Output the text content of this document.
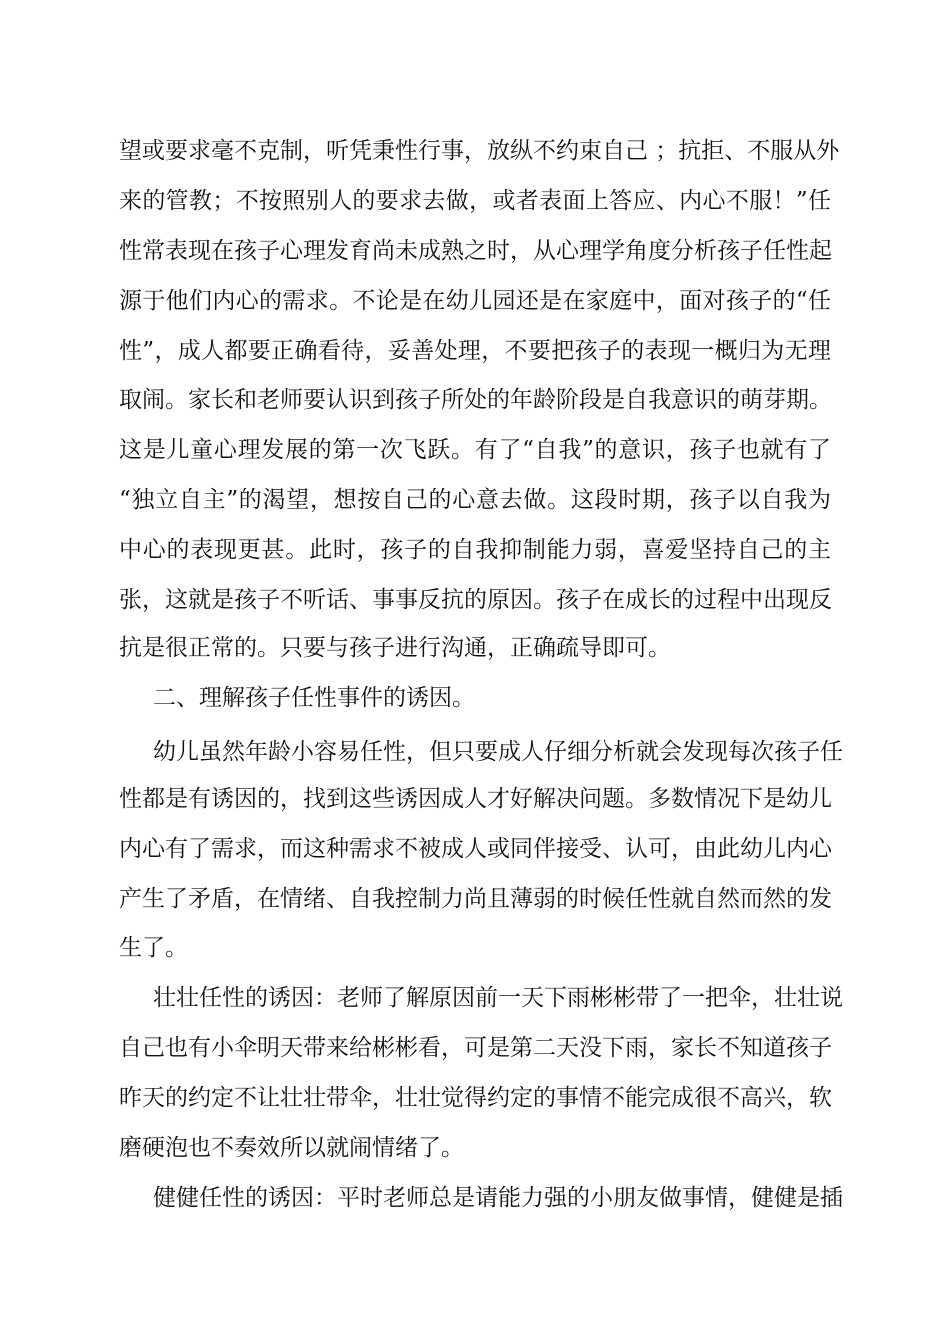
望或要求毫不克制，听凭秉性行事，放纵不约束自己 ；抗拒、不服从外
来的管教；不按照别人的要求去做，或者表面上答应、内心不服！”任
性常表现在孩子心理发育尚未成熟之时，从心理学角度分析孩子任性起
源于他们内心的需求。不论是在幼儿园还是在家庭中，面对孩子的“任
性”，成人都要正确看待，妥善处理，不要把孩子的表现一概归为无理
取闹。家长和老师要认识到孩子所处的年龄阶段是自我意识的萌芽期。
这是儿童心理发展的第一次飞跃。有了“自我”的意识，孩子也就有了
“独立自主”的渴望，想按自己的心意去做。这段时期，孩子以自我为
中心的表现更甚。此时，孩子的自我抑制能力弱，喜爱坚持自己的主
张，这就是孩子不听话、事事反抗的原因。孩子在成长的过程中出现反
抗是很正常的。只要与孩子进行沟通，正确疏导即可。
二、理解孩子任性事件的诱因。
幼儿虽然年龄小容易任性，但只要成人仔细分析就会发现每次孩子任
性都是有诱因的，找到这些诱因成人才好解决问题。多数情况下是幼儿
内心有了需求，而这种需求不被成人或同伴接受、认可，由此幼儿内心
产生了矛盾，在情绪、自我控制力尚且薄弱的时候任性就自然而然的发
生了。
壮壮任性的诱因：老师了解原因前一天下雨彬彬带了一把伞，壮壮说
自己也有小伞明天带来给彬彬看，可是第二天没下雨，家长不知道孩子
昨天的约定不让壮壮带伞，壮壮觉得约定的事情不能完成很不高兴，软
磨硬泡也不奏效所以就闹情绪了。
健健任性的诱因：平时老师总是请能力强的小朋友做事情，健健是插
